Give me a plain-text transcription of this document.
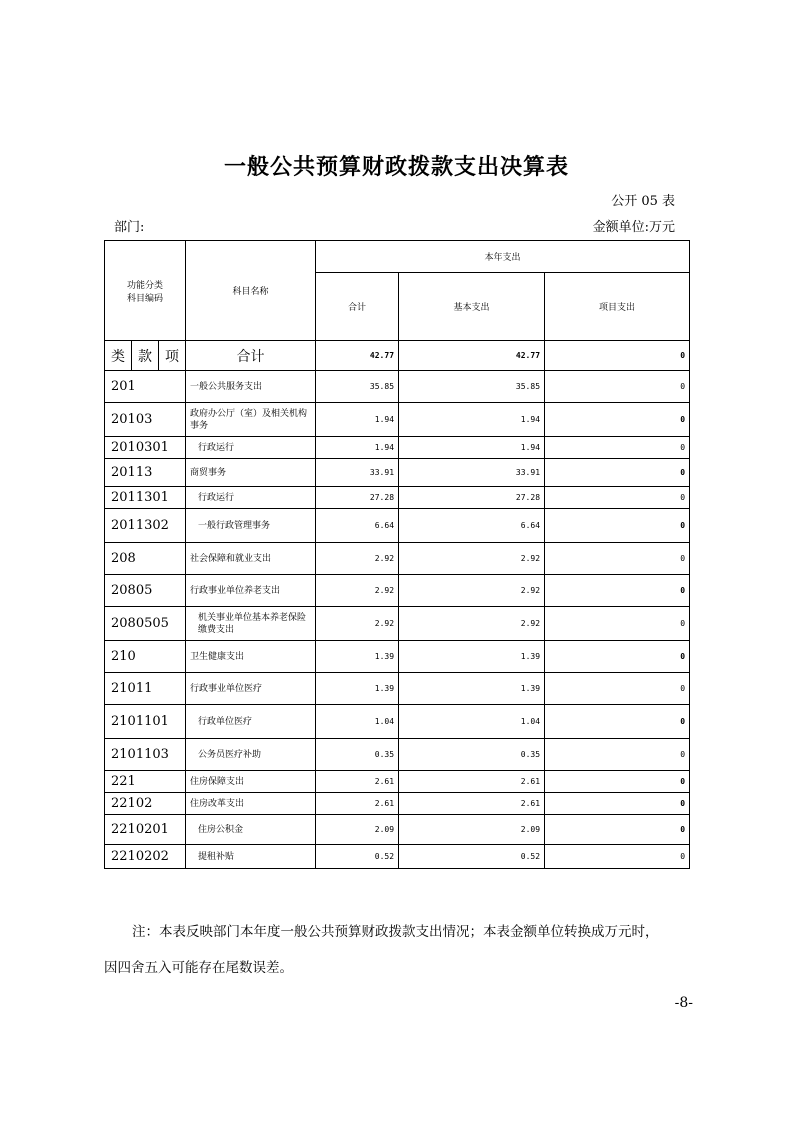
一般公共预算财政拨款支出决算表
公开 05 表
部门:	金额单位:万元
功能分类
科目编码			科目名称	本年支出		
				合计	基本支出	项目支出
类	款	项	合计	42.77	42.77	0
201			一般公共服务支出	35.85	35.85	0
20103			政府办公厅（室）及相关机构事务	1.94	1.94	0
2010301			行政运行	1.94	1.94	0
20113			商贸事务	33.91	33.91	0
2011301			行政运行	27.28	27.28	0
2011302			一般行政管理事务	6.64	6.64	0
208			社会保障和就业支出	2.92	2.92	0
20805			行政事业单位养老支出	2.92	2.92	0
2080505			机关事业单位基本养老保险缴费支出	2.92	2.92	0
210			卫生健康支出	1.39	1.39	0
21011			行政事业单位医疗	1.39	1.39	0
2101101			行政单位医疗	1.04	1.04	0
2101103			公务员医疗补助	0.35	0.35	0
221			住房保障支出	2.61	2.61	0
22102			住房改革支出	2.61	2.61	0
2210201			住房公积金	2.09	2.09	0
2210202			提租补贴	0.52	0.52	0
注：本表反映部门本年度一般公共预算财政拨款支出情况；本表金额单位转换成万元时，
因四舍五入可能存在尾数误差。
-8-
